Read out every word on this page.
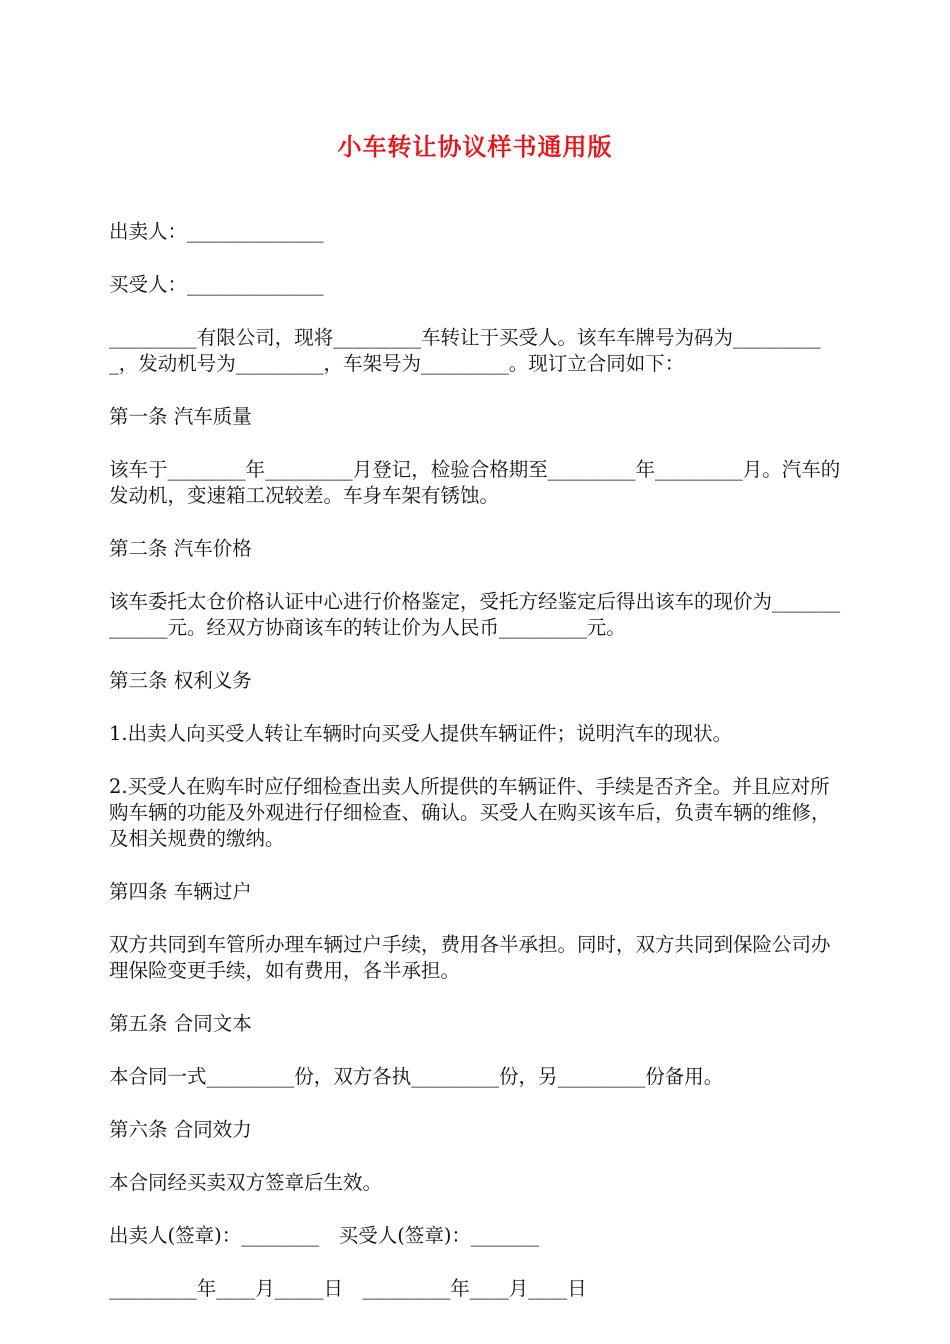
小车转让协议样书通用版

出卖人：______________

买受人：______________

_________有限公司，现将_________车转让于买受人。该车车牌号为码为__________，发动机号为_________，车架号为_________。现订立合同如下：

第一条 汽车质量

该车于________年_________月登记，检验合格期至_________年_________月。汽车的发动机，变速箱工况较差。车身车架有锈蚀。

第二条 汽车价格

该车委托太仓价格认证中心进行价格鉴定，受托方经鉴定后得出该车的现价为_____________元。经双方协商该车的转让价为人民币_________元。

第三条 权利义务

1.出卖人向买受人转让车辆时向买受人提供车辆证件；说明汽车的现状。

2.买受人在购车时应仔细检查出卖人所提供的车辆证件、手续是否齐全。并且应对所购车辆的功能及外观进行仔细检查、确认。买受人在购买该车后，负责车辆的维修，及相关规费的缴纳。

第四条 车辆过户

双方共同到车管所办理车辆过户手续，费用各半承担。同时，双方共同到保险公司办理保险变更手续，如有费用，各半承担。

第五条 合同文本

本合同一式_________份，双方各执_________份，另_________份备用。

第六条 合同效力

本合同经买卖双方签章后生效。

出卖人(签章)：________　买受人(签章)：_______

_________年____月_____日　_________年____月____日
